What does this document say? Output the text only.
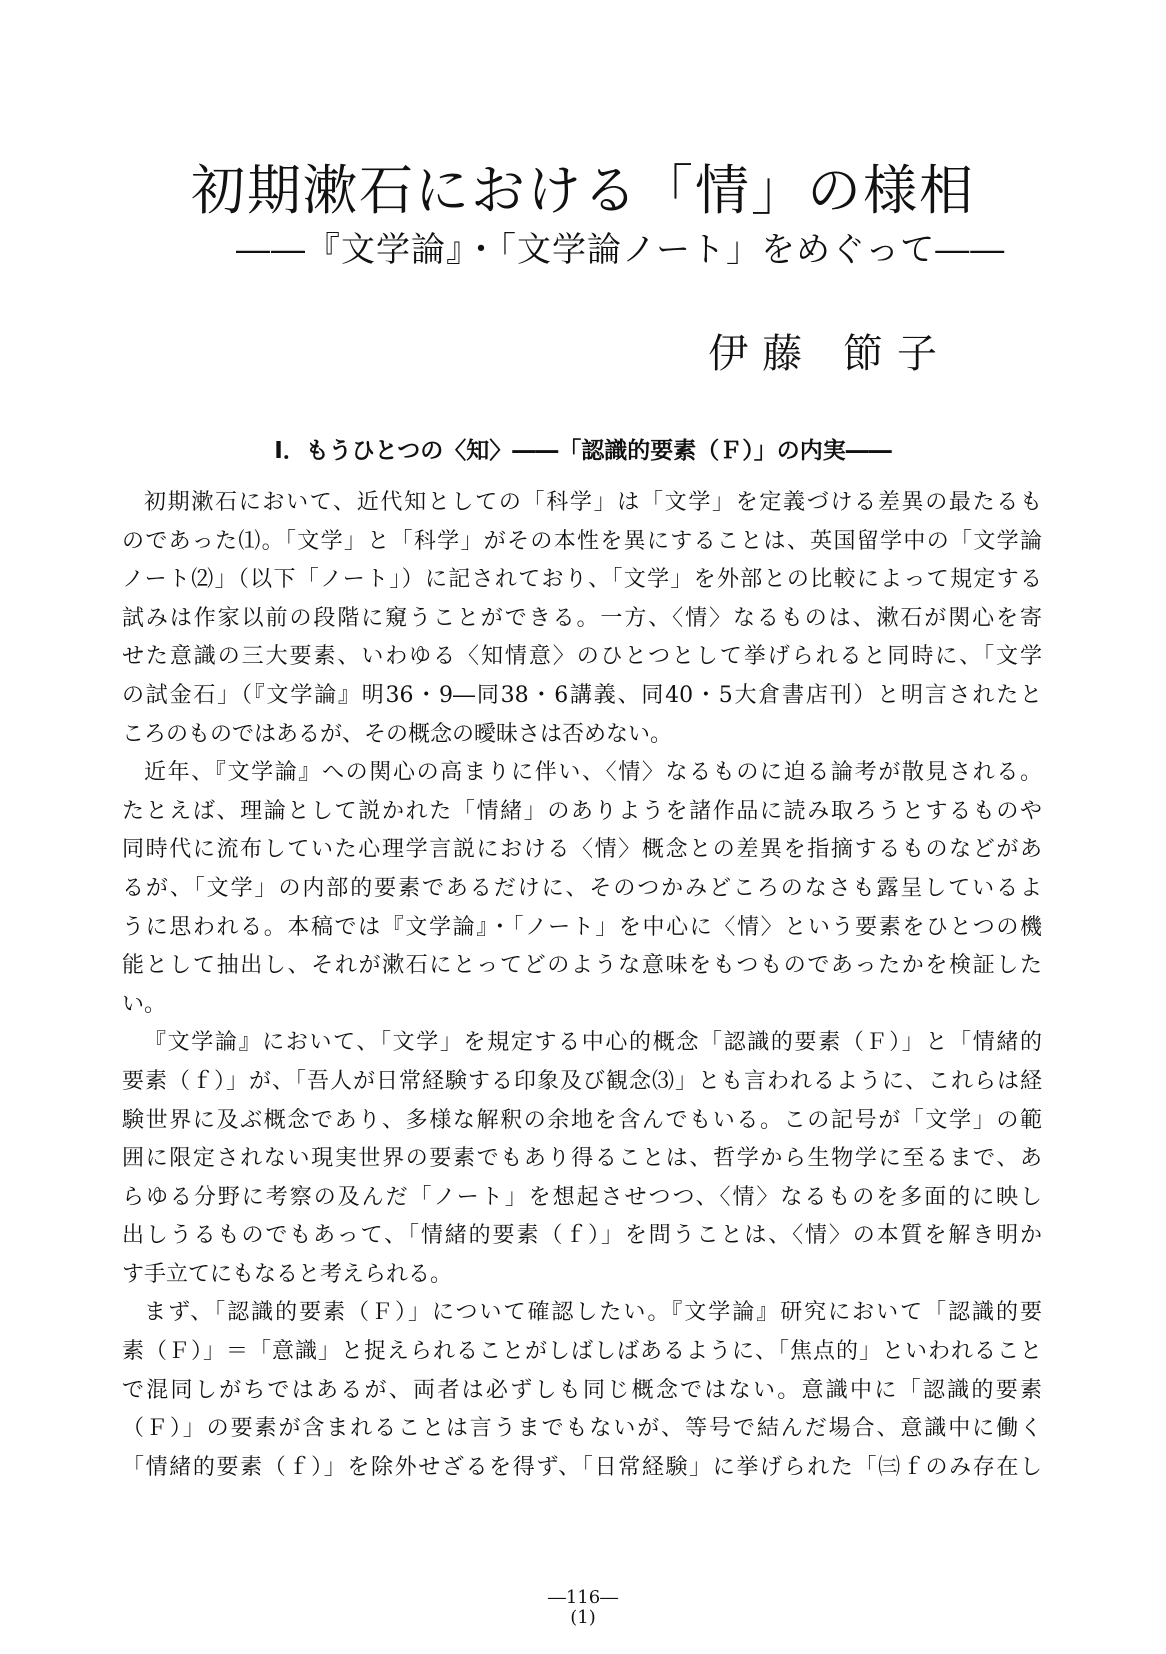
初期漱石における「情」の様相
――『文学論』・「文学論ノート」をめぐって――
伊藤 節子
Ⅰ．もうひとつの〈知〉――「認識的要素（Ｆ）」の内実――
初期漱石において、近代知としての「科学」は「文学」を定義づける差異の最たるも
のであった⑴。「文学」と「科学」がその本性を異にすることは、英国留学中の「文学論
ノート⑵」（以下「ノート」）に記されており、「文学」を外部との比較によって規定する
試みは作家以前の段階に窺うことができる。一方、〈情〉なるものは、漱石が関心を寄
せた意識の三大要素、いわゆる〈知情意〉のひとつとして挙げられると同時に、「文学
の試金石」（『文学論』明36・9―同38・6講義、同40・5大倉書店刊）と明言されたと
ころのものではあるが、その概念の曖昧さは否めない。
近年、『文学論』への関心の高まりに伴い、〈情〉なるものに迫る論考が散見される。
たとえば、理論として説かれた「情緒」のありようを諸作品に読み取ろうとするものや
同時代に流布していた心理学言説における〈情〉概念との差異を指摘するものなどがあ
るが、「文学」の内部的要素であるだけに、そのつかみどころのなさも露呈しているよ
うに思われる。本稿では『文学論』・「ノート」を中心に〈情〉という要素をひとつの機
能として抽出し、それが漱石にとってどのような意味をもつものであったかを検証した
い。
『文学論』において、「文学」を規定する中心的概念「認識的要素（Ｆ）」と「情緒的
要素（ｆ）」が、「吾人が日常経験する印象及び観念⑶」とも言われるように、これらは経
験世界に及ぶ概念であり、多様な解釈の余地を含んでもいる。この記号が「文学」の範
囲に限定されない現実世界の要素でもあり得ることは、哲学から生物学に至るまで、あ
らゆる分野に考察の及んだ「ノート」を想起させつつ、〈情〉なるものを多面的に映し
出しうるものでもあって、「情緒的要素（ｆ）」を問うことは、〈情〉の本質を解き明か
す手立てにもなると考えられる。
まず、「認識的要素（Ｆ）」について確認したい。『文学論』研究において「認識的要
素（Ｆ）」＝「意識」と捉えられることがしばしばあるように、「焦点的」といわれること
で混同しがちではあるが、両者は必ずしも同じ概念ではない。意識中に「認識的要素
（Ｆ）」の要素が含まれることは言うまでもないが、等号で結んだ場合、意識中に働く
「情緒的要素（ｆ）」を除外せざるを得ず、「日常経験」に挙げられた「㈢ｆのみ存在し
―116―
(1)
